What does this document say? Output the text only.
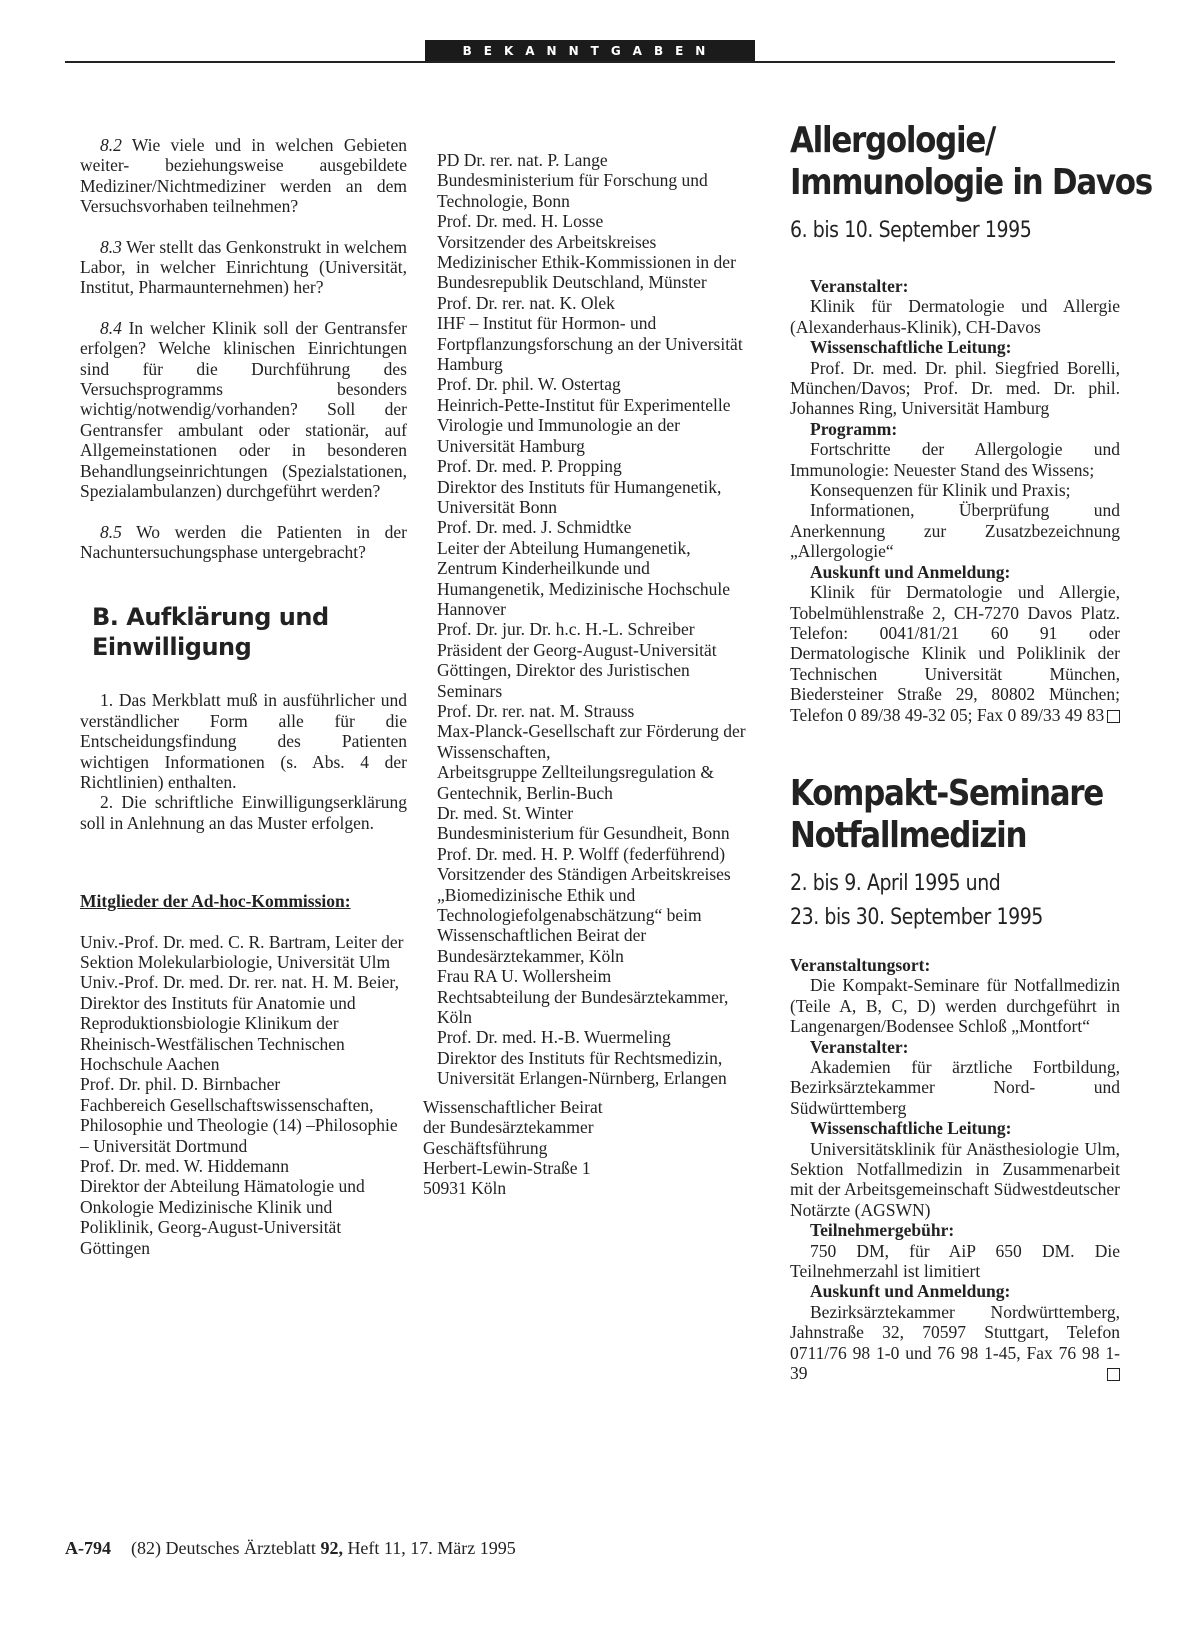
BEKANNTGABEN

8.2 Wie viele und in welchen Gebieten weiter- beziehungsweise ausgebildete Mediziner/Nichtmediziner werden an dem Versuchsvorhaben teilnehmen?

8.3 Wer stellt das Genkonstrukt in welchem Labor, in welcher Einrichtung (Universität, Institut, Pharmaunternehmen) her?

8.4 In welcher Klinik soll der Gentransfer erfolgen? Welche klinischen Einrichtungen sind für die Durchführung des Versuchsprogramms besonders wichtig/notwendig/vorhanden? Soll der Gentransfer ambulant oder stationär, auf Allgemeinstationen oder in besonderen Behandlungseinrichtungen (Spezialstationen, Spezialambulanzen) durchgeführt werden?

8.5 Wo werden die Patienten in der Nachuntersuchungsphase untergebracht?

B. Aufklärung und
Einwilligung

1. Das Merkblatt muß in ausführlicher und verständlicher Form alle für die Entscheidungsfindung des Patienten wichtigen Informationen (s. Abs. 4 der Richtlinien) enthalten.

2. Die schriftliche Einwilligungserklärung soll in Anlehnung an das Muster erfolgen.

Mitglieder der Ad-hoc-Kommission:

Univ.-Prof. Dr. med. C. R. Bartram, Leiter der Sektion Molekularbiologie, Universität Ulm

Univ.-Prof. Dr. med. Dr. rer. nat. H. M. Beier,
Direktor des Instituts für Anatomie und Reproduktionsbiologie Klinikum der Rheinisch-Westfälischen Technischen Hochschule Aachen

Prof. Dr. phil. D. Birnbacher
Fachbereich Gesellschaftswissenschaften, Philosophie und Theologie (14) –Philosophie – Universität Dortmund

Prof. Dr. med. W. Hiddemann
Direktor der Abteilung Hämatologie und Onkologie Medizinische Klinik und Poliklinik, Georg-August-Universität Göttingen

PD Dr. rer. nat. P. Lange
Bundesministerium für Forschung und Technologie, Bonn

Prof. Dr. med. H. Losse
Vorsitzender des Arbeitskreises Medizinischer Ethik-Kommissionen in der Bundesrepublik Deutschland, Münster

Prof. Dr. rer. nat. K. Olek
IHF – Institut für Hormon- und Fortpflanzungsforschung an der Universität Hamburg

Prof. Dr. phil. W. Ostertag
Heinrich-Pette-Institut für Experimentelle Virologie und Immunologie an der Universität Hamburg

Prof. Dr. med. P. Propping
Direktor des Instituts für Humangenetik, Universität Bonn

Prof. Dr. med. J. Schmidtke
Leiter der Abteilung Humangenetik, Zentrum Kinderheilkunde und Humangenetik, Medizinische Hochschule Hannover

Prof. Dr. jur. Dr. h.c. H.-L. Schreiber
Präsident der Georg-August-Universität Göttingen, Direktor des Juristischen Seminars

Prof. Dr. rer. nat. M. Strauss
Max-Planck-Gesellschaft zur Förderung der Wissenschaften,
Arbeitsgruppe Zellteilungsregulation & Gentechnik, Berlin-Buch

Dr. med. St. Winter
Bundesministerium für Gesundheit, Bonn

Prof. Dr. med. H. P. Wolff (federführend)
Vorsitzender des Ständigen Arbeitskreises „Biomedizinische Ethik und Technologiefolgenabschätzung“ beim Wissenschaftlichen Beirat der Bundesärztekammer, Köln

Frau RA U. Wollersheim
Rechtsabteilung der Bundesärztekammer, Köln

Prof. Dr. med. H.-B. Wuermeling
Direktor des Instituts für Rechtsmedizin, Universität Erlangen-Nürnberg, Erlangen

Wissenschaftlicher Beirat
der Bundesärztekammer
Geschäftsführung
Herbert-Lewin-Straße 1
50931 Köln
Allergologie/
Immunologie in Davos
6. bis 10. September 1995

Veranstalter:

Klinik für Dermatologie und Allergie (Alexanderhaus-Klinik), CH-Davos

Wissenschaftliche Leitung:

Prof. Dr. med. Dr. phil. Siegfried Borelli, München/Davos; Prof. Dr. med. Dr. phil. Johannes Ring, Universität Hamburg

Programm:

Fortschritte der Allergologie und Immunologie: Neuester Stand des Wissens;

Konsequenzen für Klinik und Praxis;

Informationen, Überprüfung und Anerkennung zur Zusatzbezeichnung „Allergologie“

Auskunft und Anmeldung:

Klinik für Dermatologie und Allergie, Tobelmühlenstraße 2, CH-7270 Davos Platz. Telefon: 0041/81/21 60 91 oder Dermatologische Klinik und Poliklinik der Technischen Universität München, Biedersteiner Straße 29, 80802 München; Telefon 0 89/38 49-32 05; Fax 0 89/33 49 83

Kompakt-Seminare
Notfallmedizin
2. bis 9. April 1995 und
23. bis 30. September 1995

Veranstaltungsort:

Die Kompakt-Seminare für Notfallmedizin (Teile A, B, C, D) werden durchgeführt in Langenargen/Bodensee Schloß „Montfort“

Veranstalter:

Akademien für ärztliche Fortbildung, Bezirksärztekammer Nord- und Südwürttemberg

Wissenschaftliche Leitung:

Universitätsklinik für Anästhesiologie Ulm, Sektion Notfallmedizin in Zusammenarbeit mit der Arbeitsgemeinschaft Südwestdeutscher Notärzte (AGSWN)

Teilnehmergebühr:

750 DM, für AiP 650 DM. Die Teilnehmerzahl ist limitiert

Auskunft und Anmeldung:

Bezirksärztekammer Nordwürttemberg, Jahnstraße 32, 70597 Stuttgart, Telefon 0711/76 98 1-0 und 76 98 1-45, Fax 76 98 1-39

A-794 (82) Deutsches Ärzteblatt 92, Heft 11, 17. März 1995
